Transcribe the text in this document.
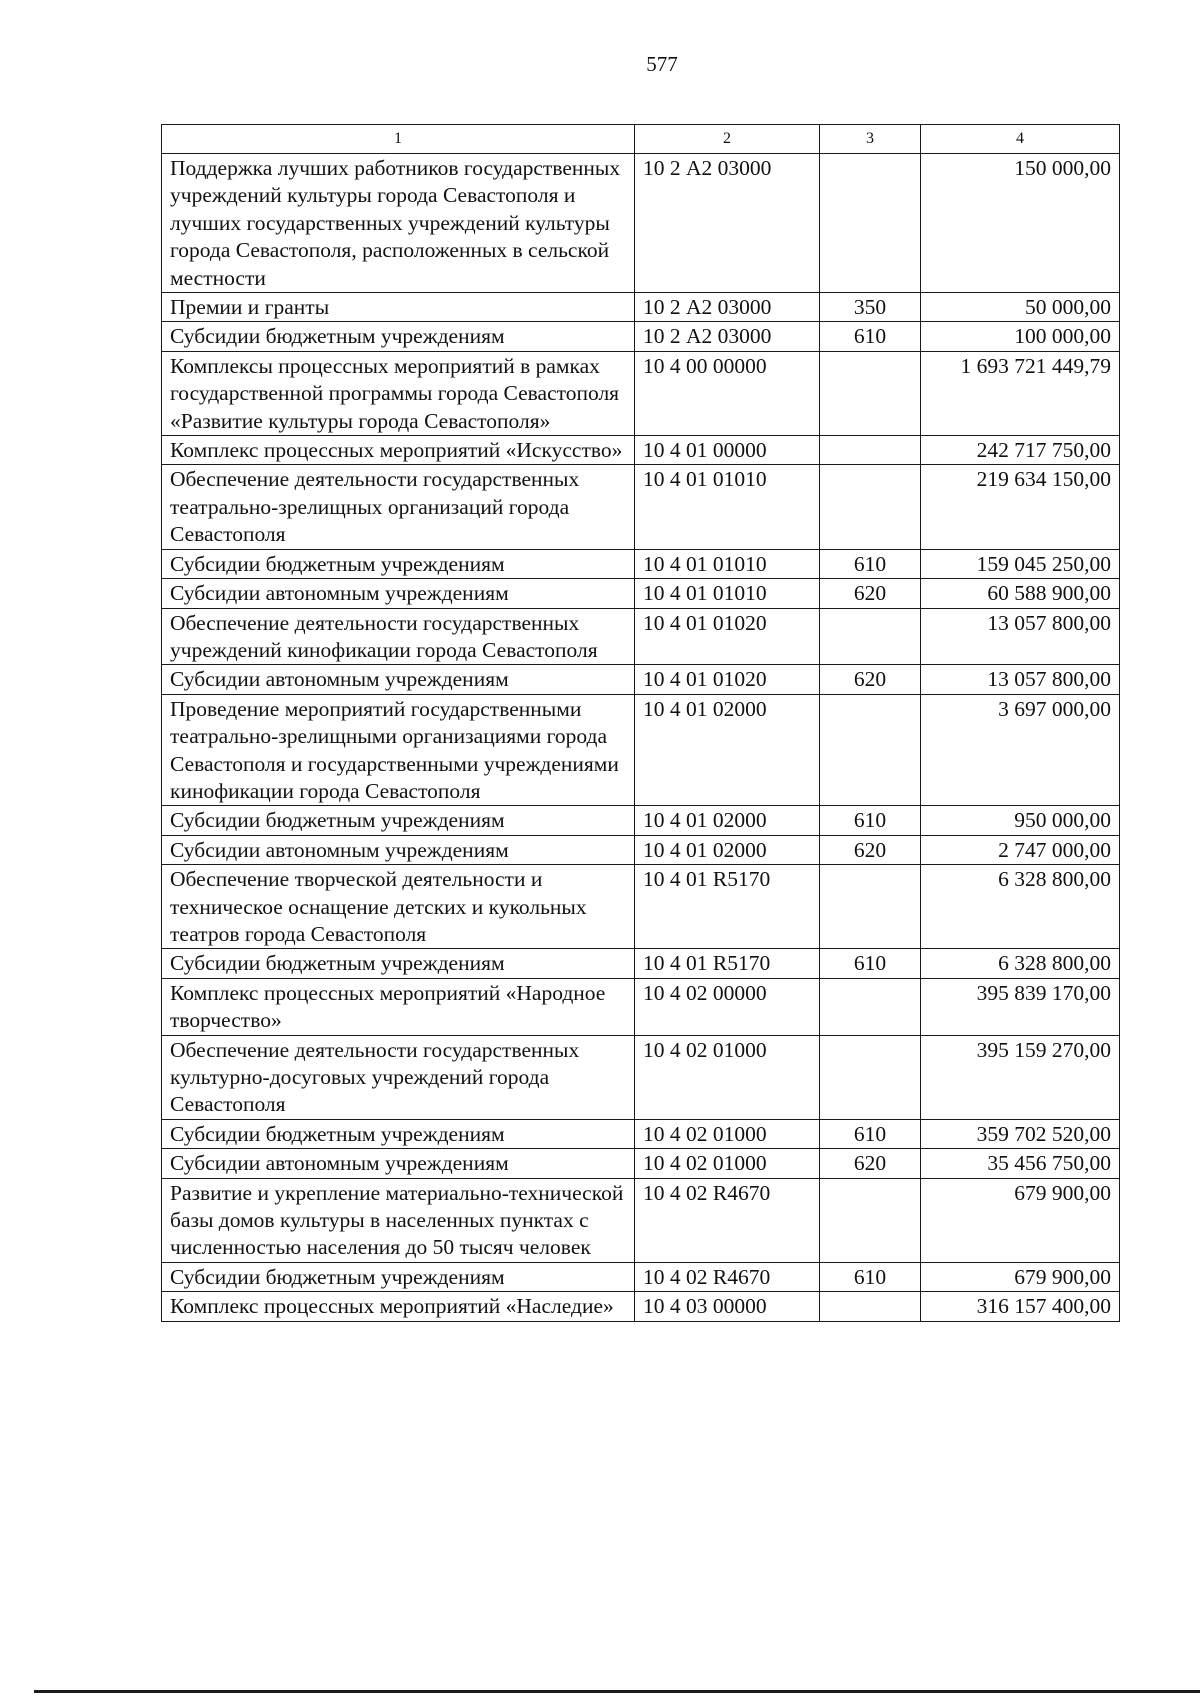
577
1	2	3	4
Поддержка лучших работников государственных учреждений культуры города Севастополя и лучших государственных учреждений культуры города Севастополя, расположенных в сельской местности	10 2 А2 03000		150 000,00
Премии и гранты	10 2 А2 03000	350	50 000,00
Субсидии бюджетным учреждениям	10 2 А2 03000	610	100 000,00
Комплексы процессных мероприятий в рамках государственной программы города Севастополя «Развитие культуры города Севастополя»	10 4 00 00000		1 693 721 449,79
Комплекс процессных мероприятий «Искусство»	10 4 01 00000		242 717 750,00
Обеспечение деятельности государственных театрально-зрелищных организаций города Севастополя	10 4 01 01010		219 634 150,00
Субсидии бюджетным учреждениям	10 4 01 01010	610	159 045 250,00
Субсидии автономным учреждениям	10 4 01 01010	620	60 588 900,00
Обеспечение деятельности государственных учреждений кинофикации города Севастополя	10 4 01 01020		13 057 800,00
Субсидии автономным учреждениям	10 4 01 01020	620	13 057 800,00
Проведение мероприятий государственными театрально-зрелищными организациями города Севастополя и государственными учреждениями кинофикации города Севастополя	10 4 01 02000		3 697 000,00
Субсидии бюджетным учреждениям	10 4 01 02000	610	950 000,00
Субсидии автономным учреждениям	10 4 01 02000	620	2 747 000,00
Обеспечение творческой деятельности и техническое оснащение детских и кукольных театров города Севастополя	10 4 01 R5170		6 328 800,00
Субсидии бюджетным учреждениям	10 4 01 R5170	610	6 328 800,00
Комплекс процессных мероприятий «Народное творчество»	10 4 02 00000		395 839 170,00
Обеспечение деятельности государственных культурно-досуговых учреждений города Севастополя	10 4 02 01000		395 159 270,00
Субсидии бюджетным учреждениям	10 4 02 01000	610	359 702 520,00
Субсидии автономным учреждениям	10 4 02 01000	620	35 456 750,00
Развитие и укрепление материально-технической базы домов культуры в населенных пунктах с численностью населения до 50 тысяч человек	10 4 02 R4670		679 900,00
Субсидии бюджетным учреждениям	10 4 02 R4670	610	679 900,00
Комплекс процессных мероприятий «Наследие»	10 4 03 00000		316 157 400,00
